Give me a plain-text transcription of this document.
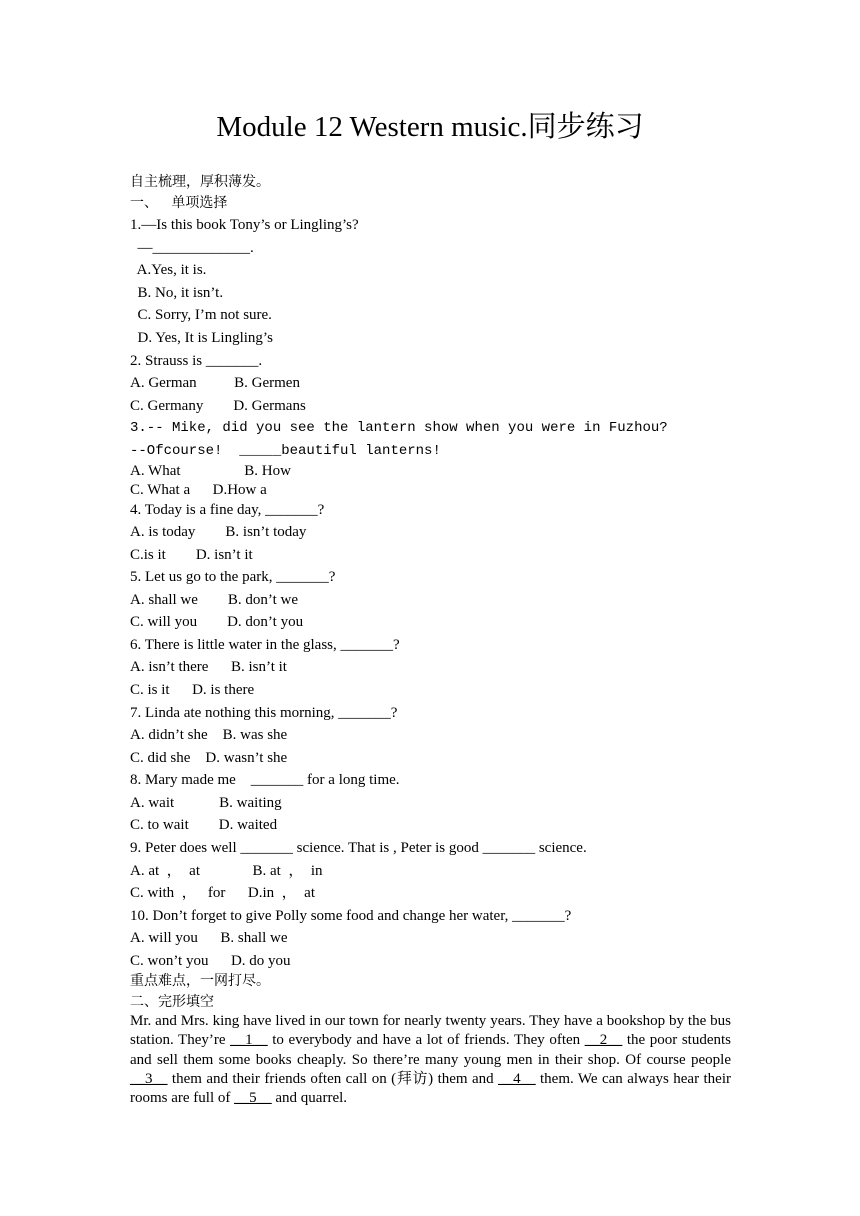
Module 12 Western music.同步练习
自主梳理，厚积薄发。
一、   单项选择
1.—Is this book Tony’s or Lingling’s?
—_____________.
A.Yes, it is.
B. No, it isn’t.
C. Sorry, I’m not sure.
D. Yes, It is Lingling’s
2. Strauss is _______.
A. German          B. Germen
C. Germany        D. Germans
3.-- Mike, did you see the lantern show when you were in Fuzhou?
--Ofcourse!  _____beautiful lanterns!
A. What                 B. How
C. What a      D.How a
4. Today is a fine day, _______?
A. is today        B. isn’t today
C.is it        D. isn’t it
5. Let us go to the park, _______?
A. shall we        B. don’t we
C. will you        D. don’t you
6. There is little water in the glass, _______?
A. isn’t there      B. isn’t it
C. is it      D. is there
7. Linda ate nothing this morning, _______?
A. didn’t she    B. was she
C. did she    D. wasn’t she
8. Mary made me    _______ for a long time.
A. wait            B. waiting
C. to wait        D. waited
9. Peter does well _______ science. That is , Peter is good _______ science.
A. at  ，  at              B. at  ，  in
C. with  ，   for      D.in  ，  at
10. Don’t forget to give Polly some food and change her water, _______?
A. will you      B. shall we
C. won’t you      D. do you
重点难点，一网打尽。
二、完形填空
Mr. and Mrs. king have lived in our town for nearly twenty years. They have a bookshop by the bus station. They’re __1__ to everybody and have a lot of friends. They often __2__ the poor students and sell them some books cheaply. So there’re many young men in their shop. Of course people __3__ them and their friends often call on (拜访) them and __4__ them. We can always hear their rooms are full of __5__ and quarrel.
